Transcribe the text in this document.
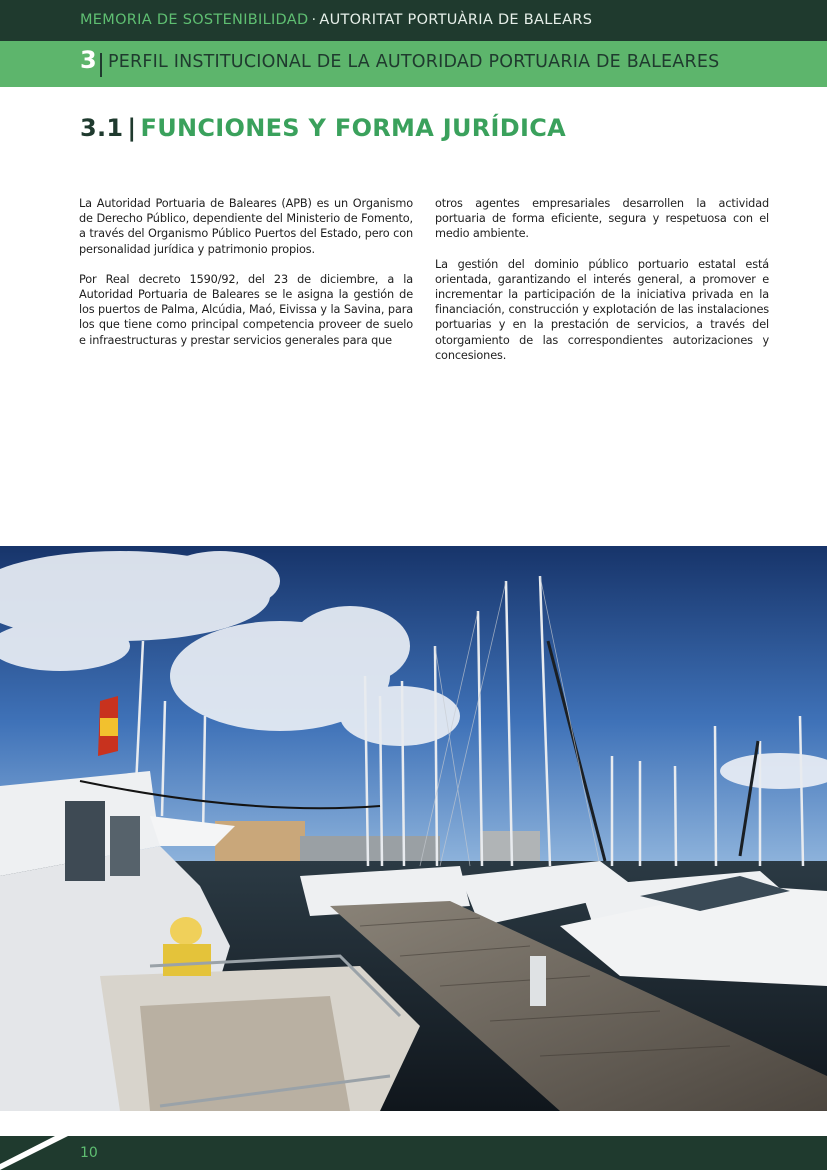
MEMORIA DE SOSTENIBILIDAD · AUTORITAT PORTUÀRIA DE BALEARS
3 PERFIL INSTITUCIONAL DE LA AUTORIDAD PORTUARIA DE BALEARES
3.1 | FUNCIONES Y FORMA JURÍDICA

La Autoridad Portuaria de Baleares (APB) es un Organismo de Derecho Público, dependiente del Ministerio de Fomento, a través del Organismo Público Puertos del Estado, pero con personalidad jurídica y patrimonio propios.

Por Real decreto 1590/92, del 23 de diciembre, a la Autoridad Portuaria de Baleares se le asigna la gestión de los puertos de Palma, Alcúdia, Maó, Eivissa y la Savina, para los que tiene como principal competencia proveer de suelo e infraestructuras y prestar servicios generales para que

otros agentes empresariales desarrollen la actividad portuaria de forma eficiente, segura y respetuosa con el medio ambiente.

La gestión del dominio público portuario estatal está orientada, garantizando el interés general, a promover e incrementar la participación de la iniciativa privada en la financiación, construcción y explotación de las instalaciones portuarias y en la prestación de servicios, a través del otorgamiento de las correspondientes autorizaciones y concesiones.

10
